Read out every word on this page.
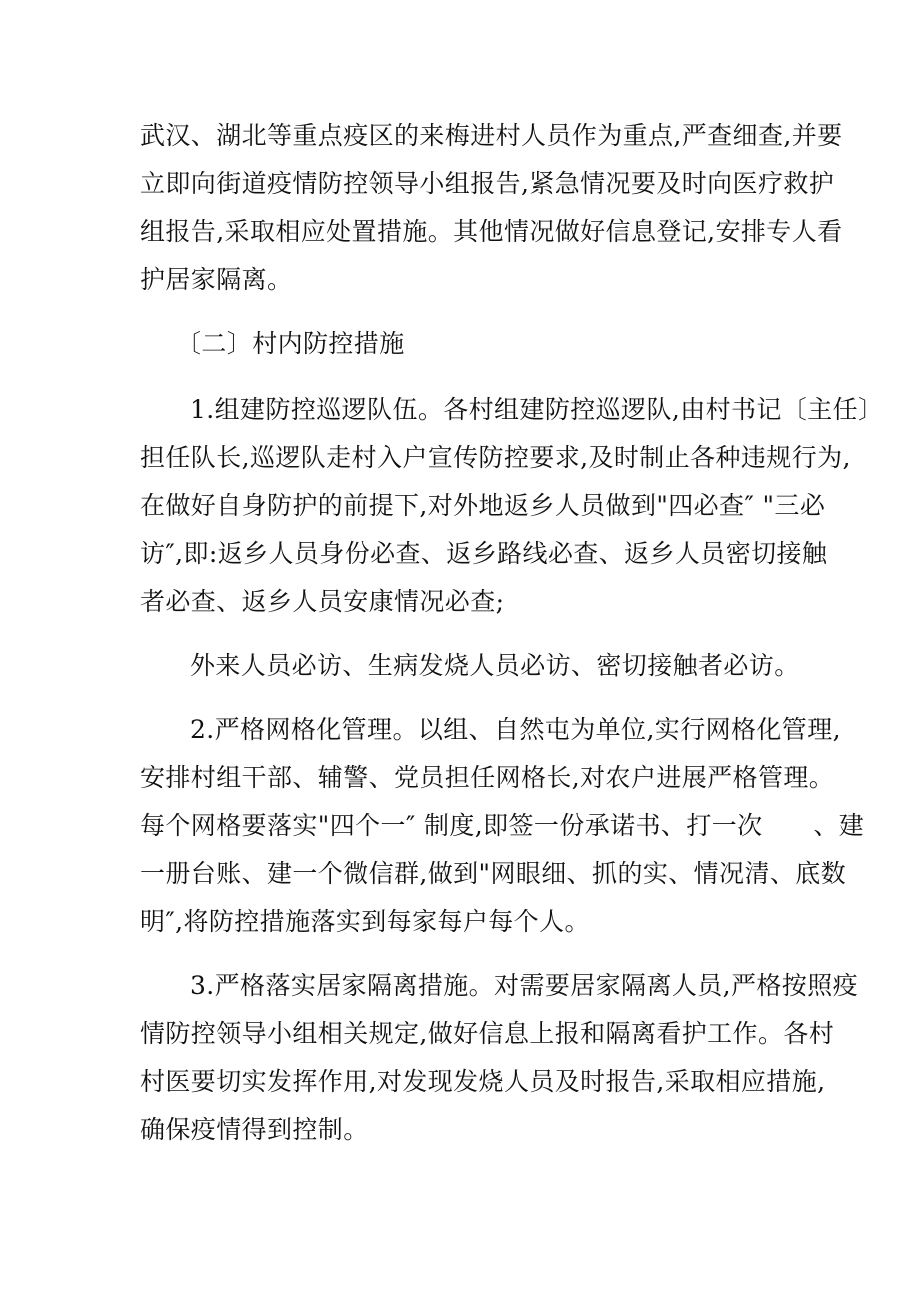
武汉、湖北等重点疫区的来梅进村人员作为重点,严查细查,并要

立即向街道疫情防控领导小组报告,紧急情况要及时向医疗救护

组报告,采取相应处置措施。其他情况做好信息登记,安排专人看

护居家隔离。

〔二〕村内防控措施

1.组建防控巡逻队伍。各村组建防控巡逻队,由村书记〔主任〕

担任队长,巡逻队走村入户宣传防控要求,及时制止各种违规行为,

在做好自身防护的前提下,对外地返乡人员做到"四必查″ "三必

访″,即:返乡人员身份必查、返乡路线必查、返乡人员密切接触

者必查、返乡人员安康情况必查;

外来人员必访、生病发烧人员必访、密切接触者必访。

2.严格网格化管理。以组、自然屯为单位,实行网格化管理,

安排村组干部、辅警、党员担任网格长,对农户进展严格管理。

每个网格要落实"四个一″ 制度,即签一份承诺书、打一次　　、建

一册台账、建一个微信群,做到"网眼细、抓的实、情况清、底数

明″,将防控措施落实到每家每户每个人。

3.严格落实居家隔离措施。对需要居家隔离人员,严格按照疫

情防控领导小组相关规定,做好信息上报和隔离看护工作。各村

村医要切实发挥作用,对发现发烧人员及时报告,采取相应措施,

确保疫情得到控制。
